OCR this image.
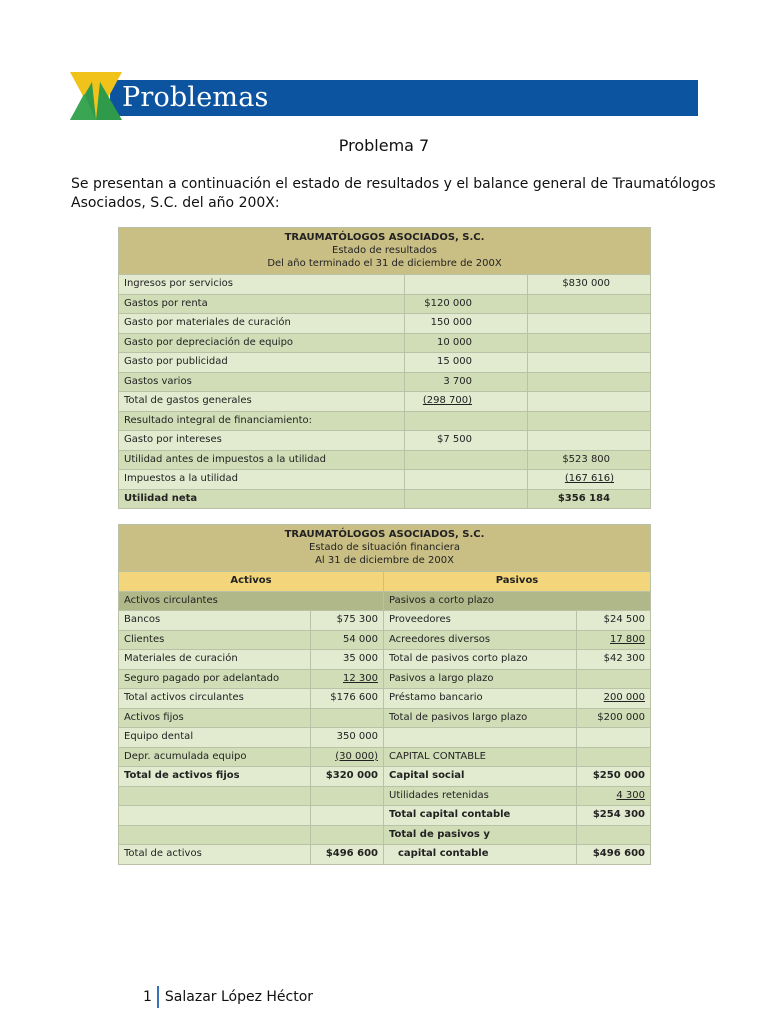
Problemas
Problema 7
Se presentan a continuación el estado de resultados y el balance general de Traumatólogos Asociados, S.C. del año 200X:
TRAUMATÓLOGOS ASOCIADOS, S.C.
Estado de resultados
Del año terminado el 31 de diciembre de 200X		

Ingresos por servicios		$830 000
Gastos por renta	$120 000	
Gasto por materiales de curación	150 000	
Gasto por depreciación de equipo	10 000	
Gasto por publicidad	15 000	
Gastos varios	3 700	
Total de gastos generales	(298 700)	
Resultado integral de financiamiento:		
Gasto por intereses	$7 500	
Utilidad antes de impuestos a la utilidad		$523 800
Impuestos a la utilidad		(167 616)
Utilidad neta		$356 184
TRAUMATÓLOGOS ASOCIADOS, S.C.
Estado de situación financiera
Al 31 de diciembre de 200X			

Activos		Pasivos	
Activos circulantes		Pasivos a corto plazo	
Bancos	$75 300	Proveedores	$24 500
Clientes	54 000	Acreedores diversos	17 800
Materiales de curación	35 000	Total de pasivos corto plazo	$42 300
Seguro pagado por adelantado	12 300	Pasivos a largo plazo	
Total activos circulantes	$176 600	Préstamo bancario	200 000
Activos fijos		Total de pasivos largo plazo	$200 000
Equipo dental	350 000		
Depr. acumulada equipo	(30 000)	CAPITAL CONTABLE	
Total de activos fijos	$320 000	Capital social	$250 000
		Utilidades retenidas	4 300
		Total capital contable	$254 300
		Total de pasivos y	
Total de activos	$496 600	capital contable	$496 600
1 Salazar López Héctor
